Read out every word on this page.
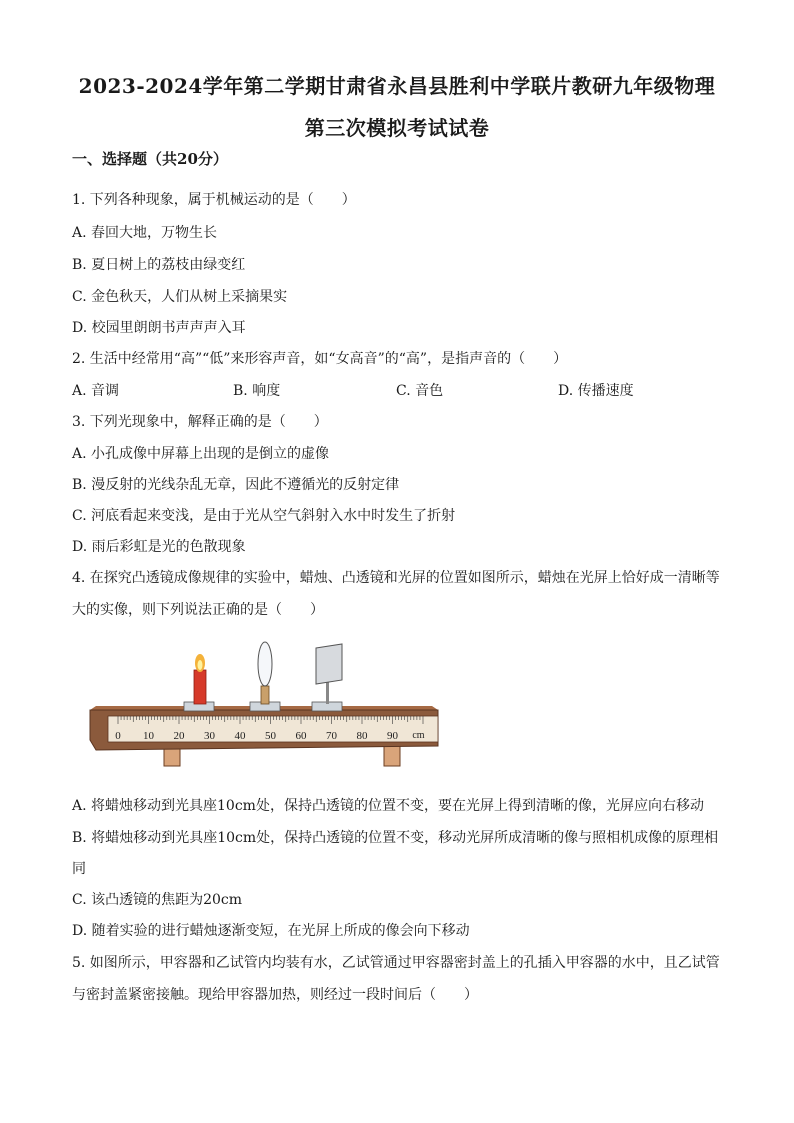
2023-2024学年第二学期甘肃省永昌县胜利中学联片教研九年级物理
第三次模拟考试试卷
一、选择题（共20分）
1. 下列各种现象，属于机械运动的是（　　）
A. 春回大地，万物生长
B. 夏日树上的荔枝由绿变红
C. 金色秋天，人们从树上采摘果实
D. 校园里朗朗书声声声入耳
2. 生活中经常用“高”“低”来形容声音，如“女高音”的“高”，是指声音的（　　）
A. 音调	B. 响度	C. 音色	D. 传播速度
3. 下列光现象中，解释正确的是（　　）
A. 小孔成像中屏幕上出现的是倒立的虚像
B. 漫反射的光线杂乱无章，因此不遵循光的反射定律
C. 河底看起来变浅，是由于光从空气斜射入水中时发生了折射
D. 雨后彩虹是光的色散现象
4. 在探究凸透镜成像规律的实验中，蜡烛、凸透镜和光屏的位置如图所示，蜡烛在光屏上恰好成一清晰等
大的实像，则下列说法正确的是（　　）
0 10 20 30 40 50 60 70 80 90 cm
A. 将蜡烛移动到光具座10cm处，保持凸透镜的位置不变，要在光屏上得到清晰的像，光屏应向右移动
B. 将蜡烛移动到光具座10cm处，保持凸透镜的位置不变，移动光屏所成清晰的像与照相机成像的原理相
同
C. 该凸透镜的焦距为20cm
D. 随着实验的进行蜡烛逐渐变短，在光屏上所成的像会向下移动
5. 如图所示，甲容器和乙试管内均装有水，乙试管通过甲容器密封盖上的孔插入甲容器的水中，且乙试管
与密封盖紧密接触。现给甲容器加热，则经过一段时间后（　　）
